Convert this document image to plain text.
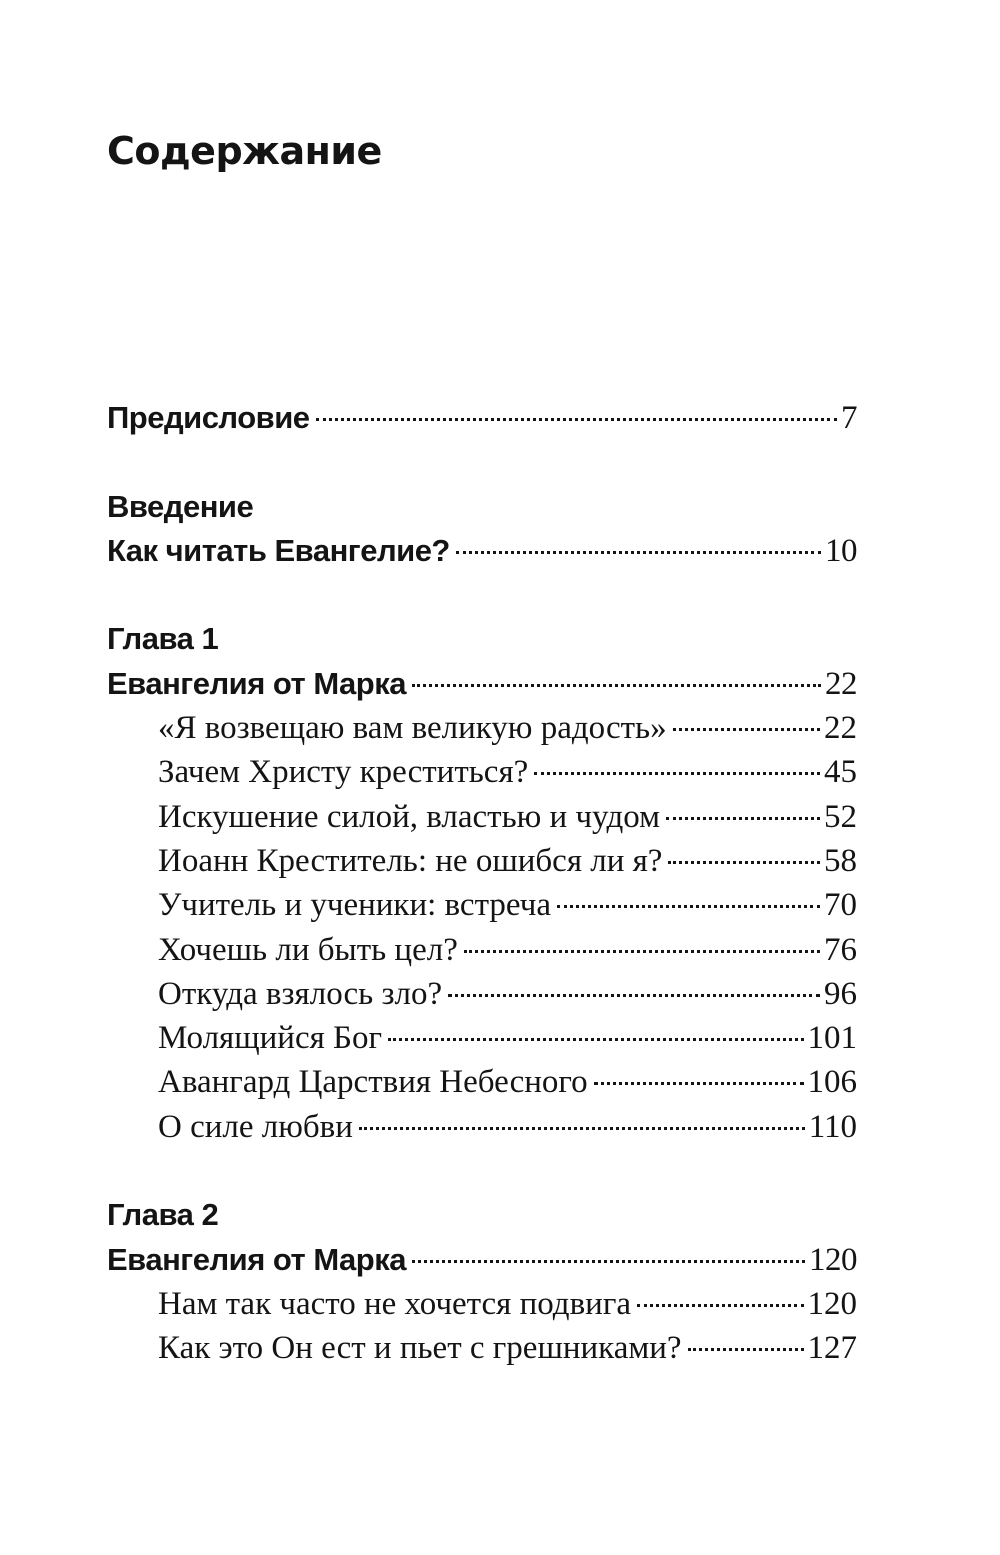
Содержание
Предисловие	7
Введение
Как читать Евангелие?	10
Глава 1
Евангелия от Марка	22
«Я возвещаю вам великую радость»	22
Зачем Христу креститься?	45
Искушение силой, властью и чудом	52
Иоанн Креститель: не ошибся ли я?	58
Учитель и ученики: встреча	70
Хочешь ли быть цел?	76
Откуда взялось зло?	96
Молящийся Бог	101
Авангард Царствия Небесного	106
О силе любви	110
Глава 2
Евангелия от Марка	120
Нам так часто не хочется подвига	120
Как это Он ест и пьет с грешниками?	127
